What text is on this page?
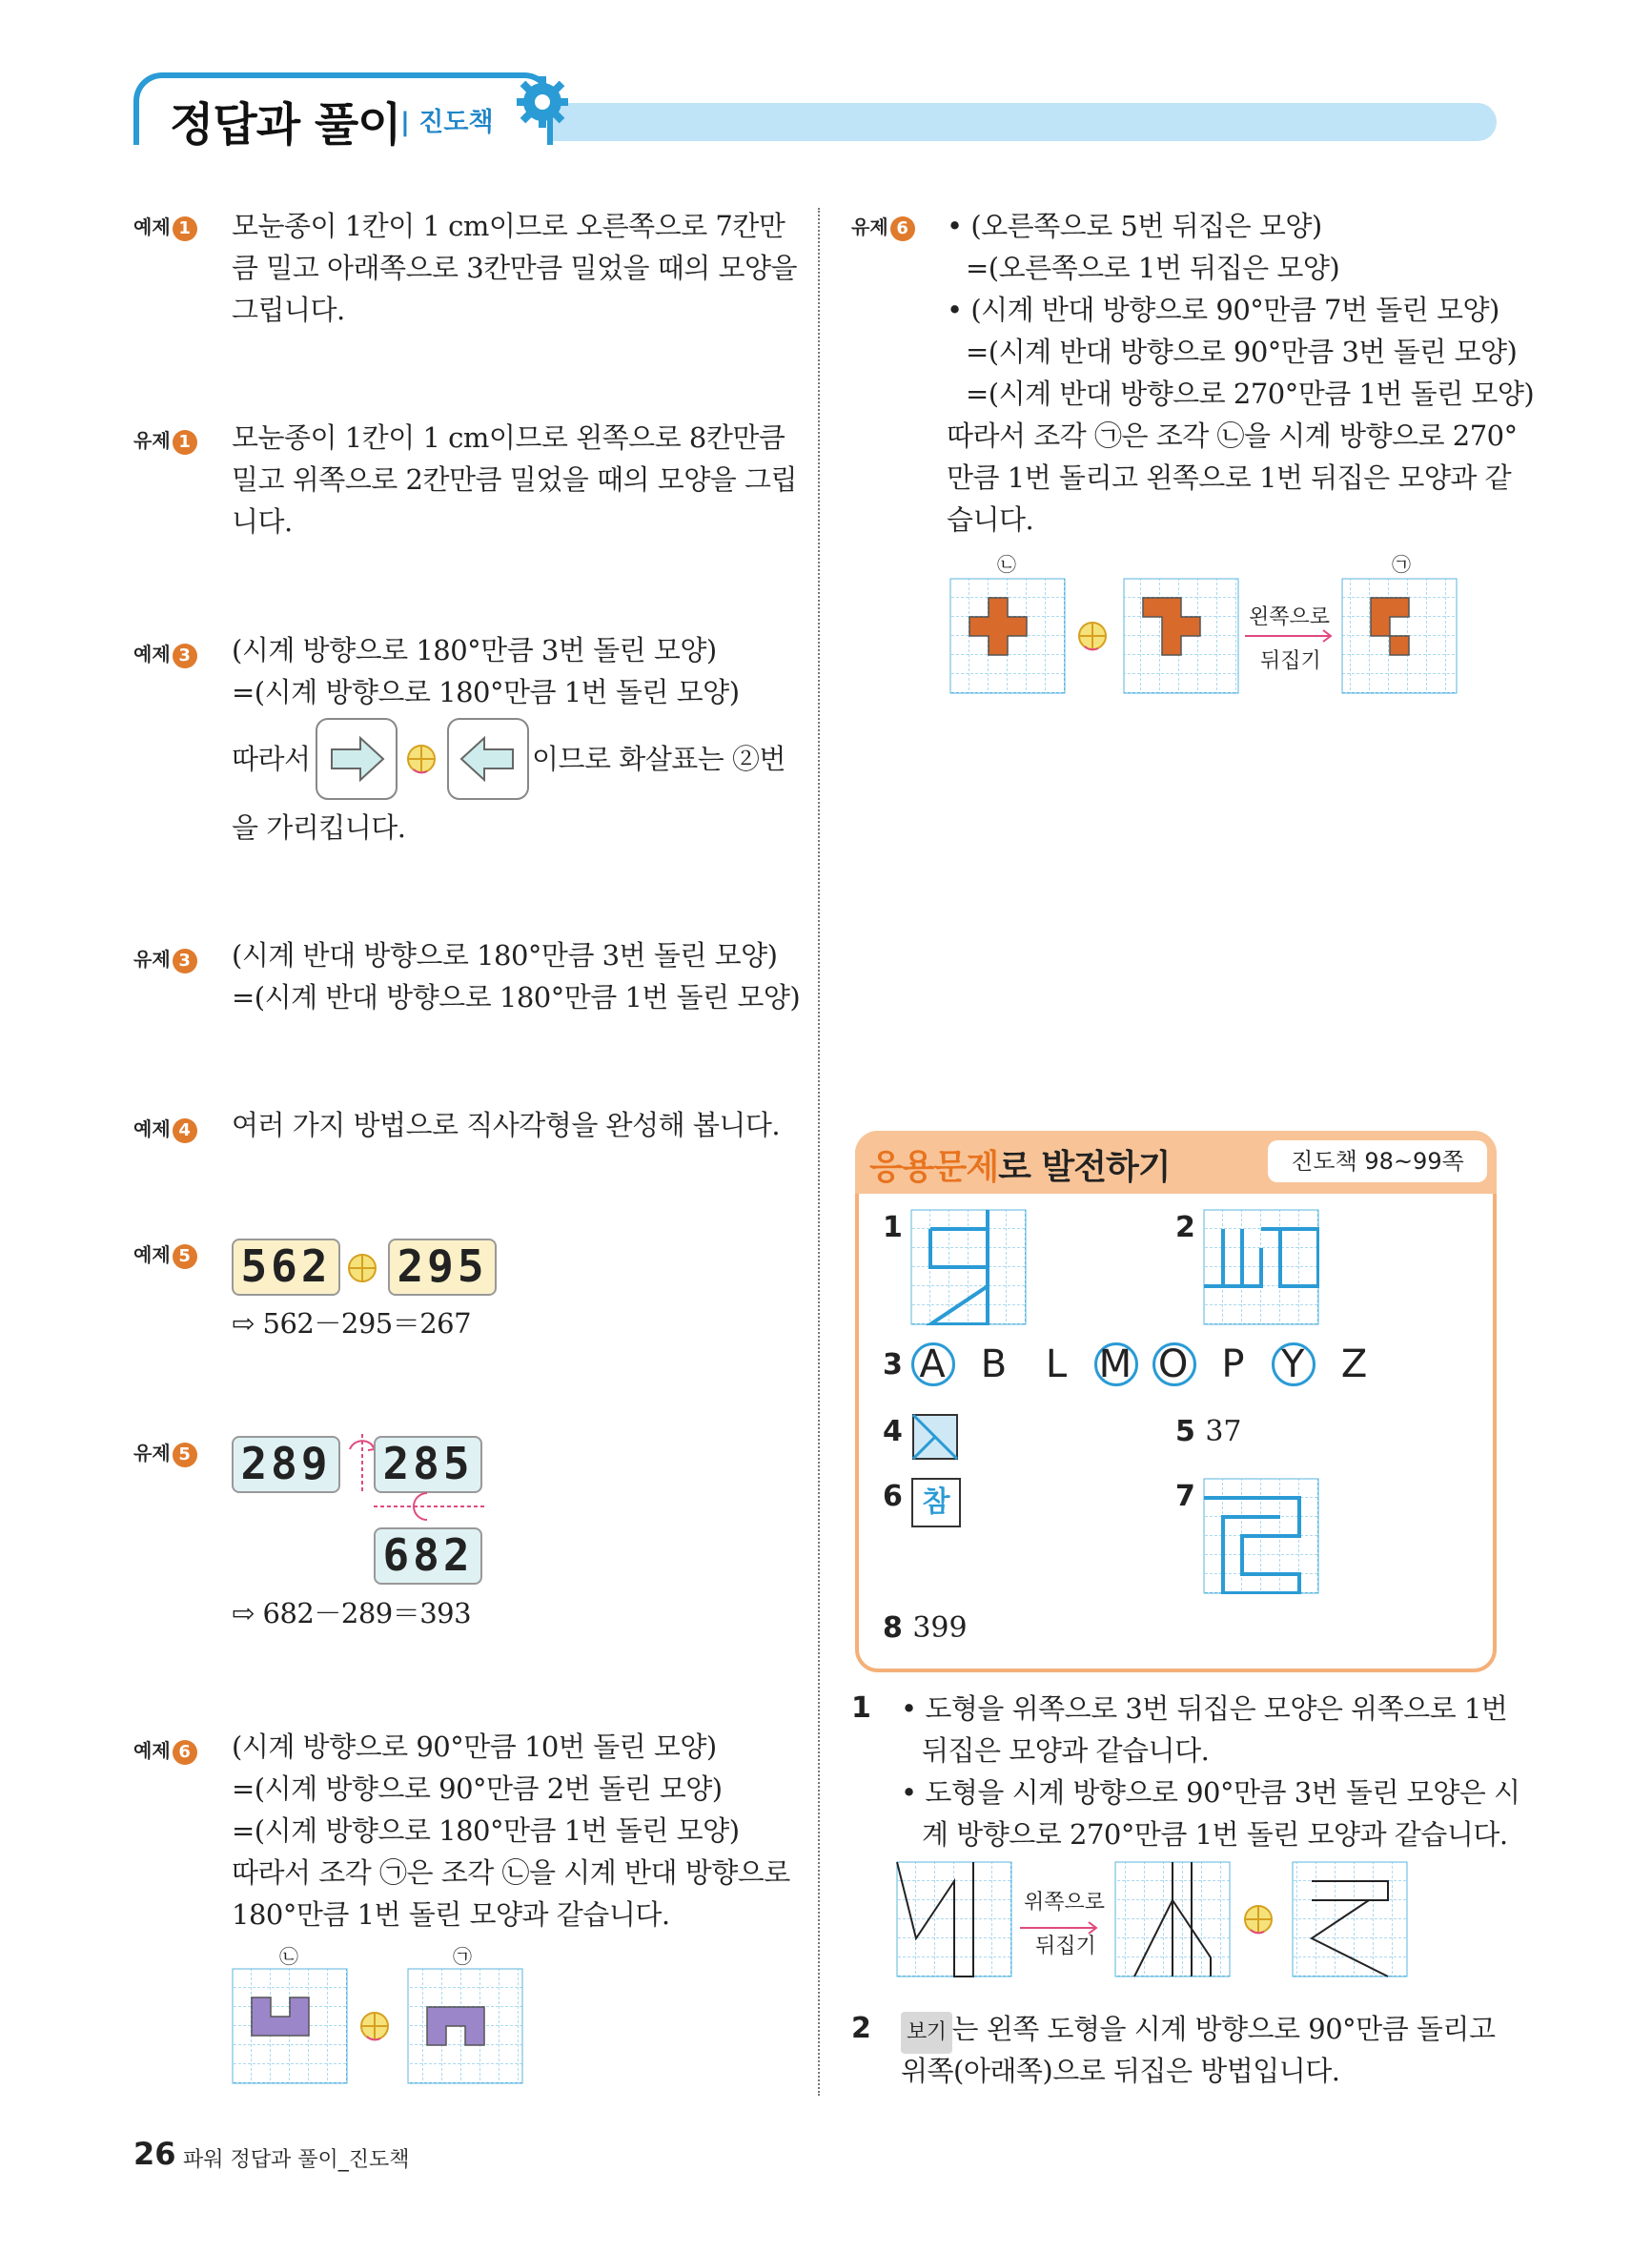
정답과 풀이 | 진도책
예제 1 모눈종이 1칸이 1 cm이므로 오른쪽으로 7칸만
큼 밀고 아래쪽으로 3칸만큼 밀었을 때의 모양을
그립니다.
유제 1 모눈종이 1칸이 1 cm이므로 왼쪽으로 8칸만큼
밀고 위쪽으로 2칸만큼 밀었을 때의 모양을 그립
니다.
예제 3 (시계 방향으로 180°만큼 3번 돌린 모양)
=(시계 방향으로 180°만큼 1번 돌린 모양)
따라서	이므로 화살표는 ②번
을 가리킵니다.
유제 3 (시계 반대 방향으로 180°만큼 3번 돌린 모양)
=(시계 반대 방향으로 180°만큼 1번 돌린 모양)
예제 4 여러 가지 방법으로 직사각형을 완성해 봅니다.
예제 5 562 295
⇨ 562－295＝267
유제 5 289 285
682
⇨ 682－289＝393
예제 6 (시계 방향으로 90°만큼 10번 돌린 모양)
=(시계 방향으로 90°만큼 2번 돌린 모양)
=(시계 방향으로 180°만큼 1번 돌린 모양)
따라서 조각 ㉠은 조각 ㉡을 시계 반대 방향으로
180°만큼 1번 돌린 모양과 같습니다.
㉡	㉠
유제 6 • (오른쪽으로 5번 뒤집은 모양)
=(오른쪽으로 1번 뒤집은 모양)
• (시계 반대 방향으로 90°만큼 7번 돌린 모양)
=(시계 반대 방향으로 90°만큼 3번 돌린 모양)
=(시계 반대 방향으로 270°만큼 1번 돌린 모양)
따라서 조각 ㉠은 조각 ㉡을 시계 방향으로 270°
만큼 1번 돌리고 왼쪽으로 1번 뒤집은 모양과 같
습니다.
㉡	㉠
왼쪽으로
뒤집기
응용문제로 발전하기	진도책 98~99쪽
1	2
3 A B L M O P Y Z
4	5 37
6 참	7
8 399
1 • 도형을 위쪽으로 3번 뒤집은 모양은 위쪽으로 1번
뒤집은 모양과 같습니다.
• 도형을 시계 방향으로 90°만큼 3번 돌린 모양은 시
계 방향으로 270°만큼 1번 돌린 모양과 같습니다.
위쪽으로
뒤집기
2 보기 는 왼쪽 도형을 시계 방향으로 90°만큼 돌리고
위쪽(아래쪽)으로 뒤집은 방법입니다.
26 파워 정답과 풀이_진도책
